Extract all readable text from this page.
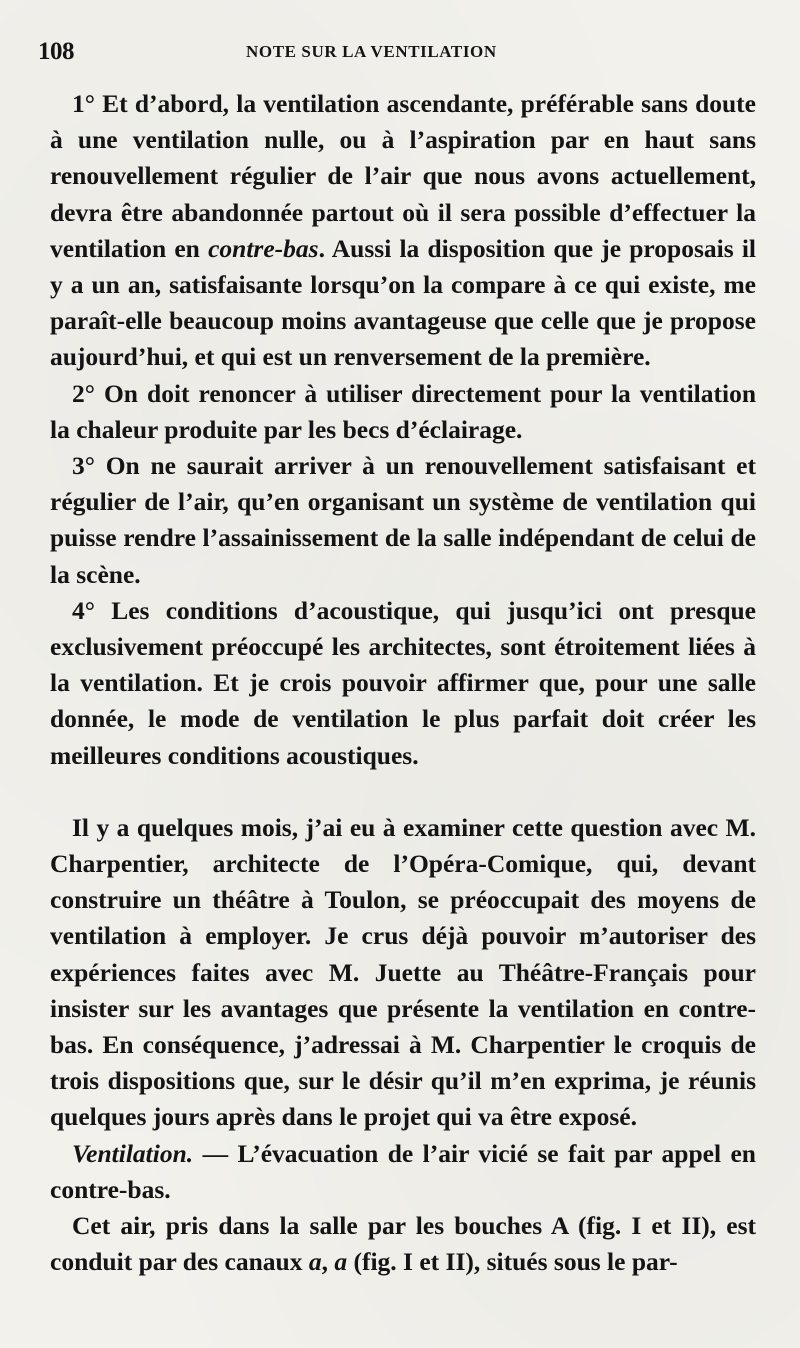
108	NOTE SUR LA VENTILATION

1° Et d’abord, la ventilation ascendante, préférable sans doute à une ventilation nulle, ou à l’aspiration par en haut sans renouvellement régulier de l’air que nous avons actuellement, devra être abandonnée partout où il sera possible d’effectuer la ventilation en contre-bas. Aussi la disposition que je proposais il y a un an, satisfaisante lorsqu’on la compare à ce qui existe, me paraît-elle beaucoup moins avantageuse que celle que je propose aujourd’hui, et qui est un renversement de la première.

2° On doit renoncer à utiliser directement pour la ventilation la chaleur produite par les becs d’éclairage.

3° On ne saurait arriver à un renouvellement satisfaisant et régulier de l’air, qu’en organisant un système de ventilation qui puisse rendre l’assainissement de la salle indépendant de celui de la scène.

4° Les conditions d’acoustique, qui jusqu’ici ont presque exclusivement préoccupé les architectes, sont étroitement liées à la ventilation. Et je crois pouvoir affirmer que, pour une salle donnée, le mode de ventilation le plus parfait doit créer les meilleures conditions acoustiques.

Il y a quelques mois, j’ai eu à examiner cette question avec M. Charpentier, architecte de l’Opéra-Comique, qui, devant construire un théâtre à Toulon, se préoccupait des moyens de ventilation à employer. Je crus déjà pouvoir m’autoriser des expériences faites avec M. Juette au Théâtre-Français pour insister sur les avantages que présente la ventilation en contre-bas. En conséquence, j’adressai à M. Charpentier le croquis de trois dispositions que, sur le désir qu’il m’en exprima, je réunis quelques jours après dans le projet qui va être exposé.

Ventilation. — L’évacuation de l’air vicié se fait par appel en contre-bas.

Cet air, pris dans la salle par les bouches A (fig. I et II), est conduit par des canaux a, a (fig. I et II), situés sous le par-
